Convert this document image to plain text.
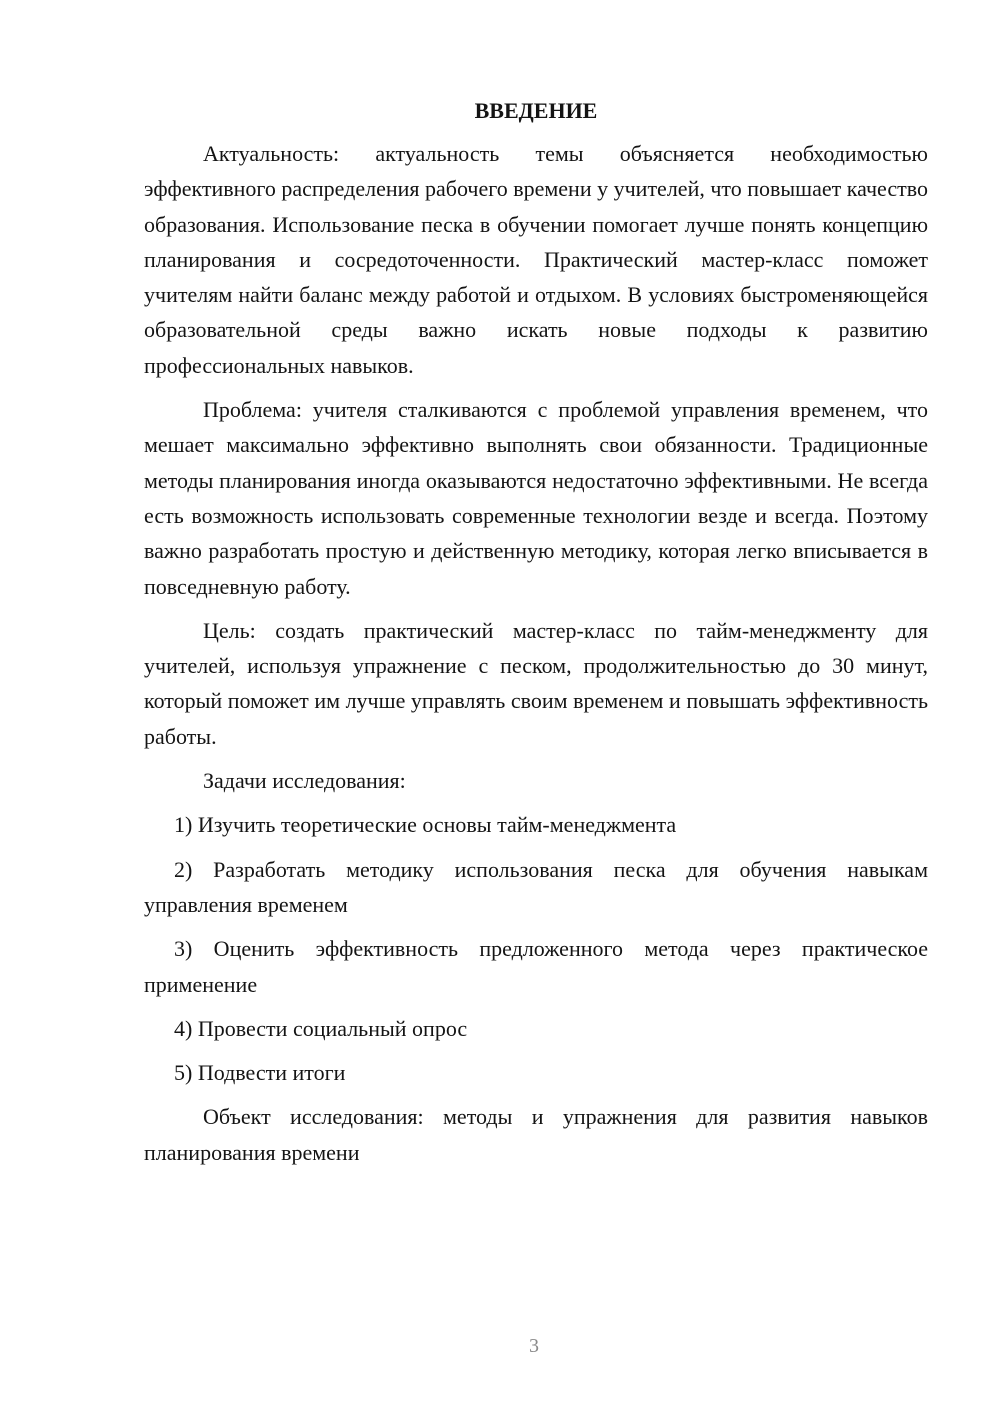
ВВЕДЕНИЕ

Актуальность: актуальность темы объясняется необходимостью эффективного распределения рабочего времени у учителей, что повышает качество образования. Использование песка в обучении помогает лучше понять концепцию планирования и сосредоточенности. Практический мастер-класс поможет учителям найти баланс между работой и отдыхом. В условиях быстроменяющейся образовательной среды важно искать новые подходы к развитию профессиональных навыков.

Проблема: учителя сталкиваются с проблемой управления временем, что мешает максимально эффективно выполнять свои обязанности. Традиционные методы планирования иногда оказываются недостаточно эффективными. Не всегда есть возможность использовать современные технологии везде и всегда. Поэтому важно разработать простую и действенную методику, которая легко вписывается в повседневную работу.

Цель: создать практический мастер-класс по тайм-менеджменту для учителей, используя упражнение с песком, продолжительностью до 30 минут, который поможет им лучше управлять своим временем и повышать эффективность работы.

Задачи исследования:

1) Изучить теоретические основы тайм-менеджмента

2) Разработать методику использования песка для обучения навыкам управления временем

3) Оценить эффективность предложенного метода через практическое применение

4) Провести социальный опрос

5) Подвести итоги

Объект исследования: методы и упражнения для развития навыков планирования времени

3
